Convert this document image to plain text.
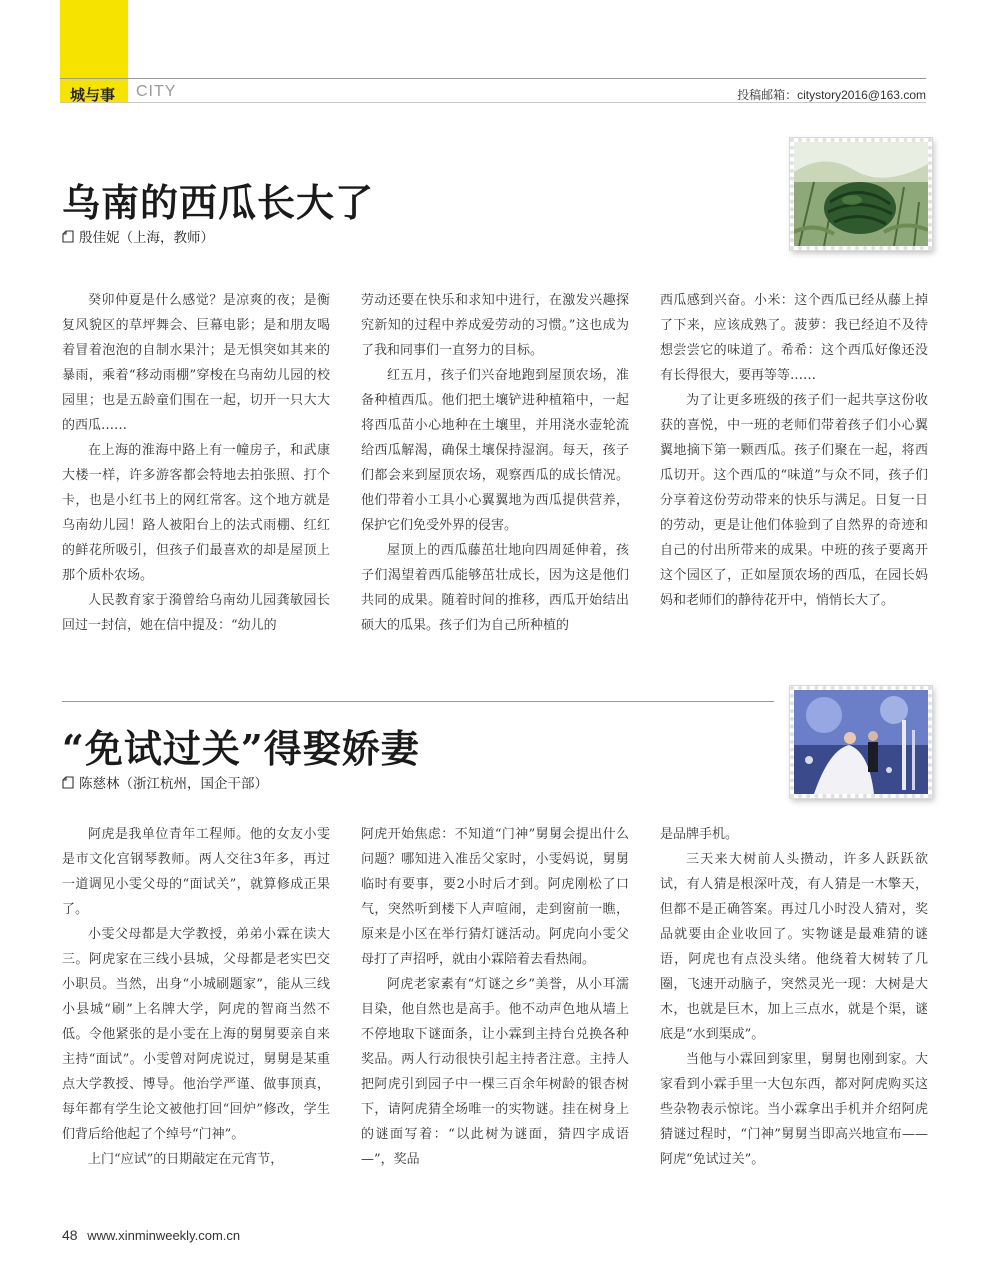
城与事 CITY	投稿邮箱：citystory2016@163.com
乌南的西瓜长大了
殷佳妮（上海，教师）

癸卯仲夏是什么感觉？是凉爽的夜；是衡复风貌区的草坪舞会、巨幕电影；是和朋友喝着冒着泡泡的自制水果汁；是无惧突如其来的暴雨，乘着“移动雨棚”穿梭在乌南幼儿园的校园里；也是五龄童们围在一起，切开一只大大的西瓜……

在上海的淮海中路上有一幢房子，和武康大楼一样，许多游客都会特地去拍张照、打个卡，也是小红书上的网红常客。这个地方就是乌南幼儿园！路人被阳台上的法式雨棚、红红的鲜花所吸引，但孩子们最喜欢的却是屋顶上那个质朴农场。

人民教育家于漪曾给乌南幼儿园龚敏园长回过一封信，她在信中提及：“幼儿的

劳动还要在快乐和求知中进行，在激发兴趣探究新知的过程中养成爱劳动的习惯。”这也成为了我和同事们一直努力的目标。

红五月，孩子们兴奋地跑到屋顶农场，准备种植西瓜。他们把土壤铲进种植箱中，一起将西瓜苗小心地种在土壤里，并用浇水壶轮流给西瓜解渴，确保土壤保持湿润。每天，孩子们都会来到屋顶农场，观察西瓜的成长情况。他们带着小工具小心翼翼地为西瓜提供营养，保护它们免受外界的侵害。

屋顶上的西瓜藤茁壮地向四周延伸着，孩子们渴望着西瓜能够茁壮成长，因为这是他们共同的成果。随着时间的推移，西瓜开始结出硕大的瓜果。孩子们为自己所种植的

西瓜感到兴奋。小米：这个西瓜已经从藤上掉了下来，应该成熟了。菠萝：我已经迫不及待想尝尝它的味道了。希希：这个西瓜好像还没有长得很大，要再等等……

为了让更多班级的孩子们一起共享这份收获的喜悦，中一班的老师们带着孩子们小心翼翼地摘下第一颗西瓜。孩子们聚在一起，将西瓜切开。这个西瓜的“味道”与众不同，孩子们分享着这份劳动带来的快乐与满足。日复一日的劳动，更是让他们体验到了自然界的奇迹和自己的付出所带来的成果。中班的孩子要离开这个园区了，正如屋顶农场的西瓜，在园长妈妈和老师们的静待花开中，悄悄长大了。

“免试过关”得娶娇妻
陈慈林（浙江杭州，国企干部）

阿虎是我单位青年工程师。他的女友小雯是市文化宫钢琴教师。两人交往3年多，再过一道调见小雯父母的“面试关”，就算修成正果了。

小雯父母都是大学教授，弟弟小霖在读大三。阿虎家在三线小县城，父母都是老实巴交小职员。当然，出身“小城刷题家”，能从三线小县城“刷”上名牌大学，阿虎的智商当然不低。令他紧张的是小雯在上海的舅舅要亲自来主持“面试”。小雯曾对阿虎说过，舅舅是某重点大学教授、博导。他治学严谨、做事顶真，每年都有学生论文被他打回“回炉”修改，学生们背后给他起了个绰号“门神”。

上门“应试”的日期敲定在元宵节，

阿虎开始焦虑：不知道“门神”舅舅会提出什么问题？哪知进入准岳父家时，小雯妈说，舅舅临时有要事，要2小时后才到。阿虎刚松了口气，突然听到楼下人声喧闹，走到窗前一瞧，原来是小区在举行猜灯谜活动。阿虎向小雯父母打了声招呼，就由小霖陪着去看热闹。

阿虎老家素有“灯谜之乡”美誉，从小耳濡目染，他自然也是高手。他不动声色地从墙上不停地取下谜面条，让小霖到主持台兑换各种奖品。两人行动很快引起主持者注意。主持人把阿虎引到园子中一棵三百余年树龄的银杏树下，请阿虎猜全场唯一的实物谜。挂在树身上的谜面写着：“以此树为谜面，猜四字成语—”，奖品

是品牌手机。

三天来大树前人头攒动，许多人跃跃欲试，有人猜是根深叶茂，有人猜是一木擎天，但都不是正确答案。再过几小时没人猜对，奖品就要由企业收回了。实物谜是最难猜的谜语，阿虎也有点没头绪。他绕着大树转了几圈，飞速开动脑子，突然灵光一现：大树是大木，也就是巨木，加上三点水，就是个渠，谜底是“水到渠成”。

当他与小霖回到家里，舅舅也刚到家。大家看到小霖手里一大包东西，都对阿虎购买这些杂物表示惊诧。当小霖拿出手机并介绍阿虎猜谜过程时，“门神”舅舅当即高兴地宣布——阿虎“免试过关”。

48 www.xinminweekly.com.cn
